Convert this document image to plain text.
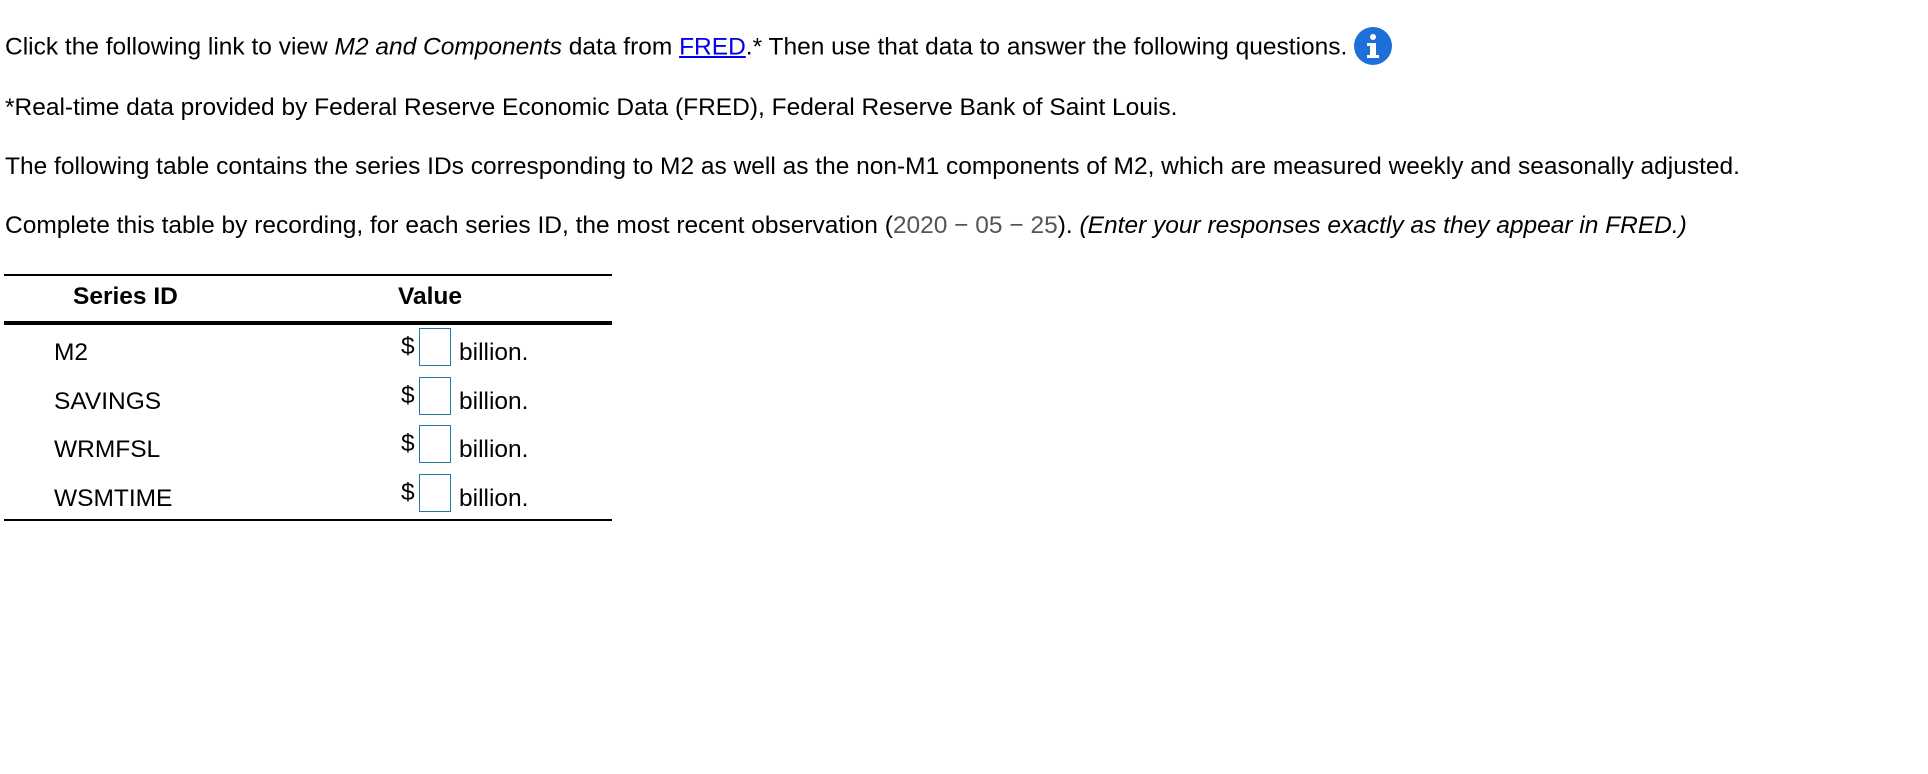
Click the following link to view M2 and Components data from FRED.* Then use that data to answer the following questions.
*Real-time data provided by Federal Reserve Economic Data (FRED), Federal Reserve Bank of Saint Louis.
The following table contains the series IDs corresponding to M2 as well as the non-M1 components of M2, which are measured weekly and seasonally adjusted.
Complete this table by recording, for each series ID, the most recent observation (2020 − 05 − 25). (Enter your responses exactly as they appear in FRED.)
Series ID	Value
M2	$ billion.
SAVINGS	$ billion.
WRMFSL	$ billion.
WSMTIME	$ billion.
